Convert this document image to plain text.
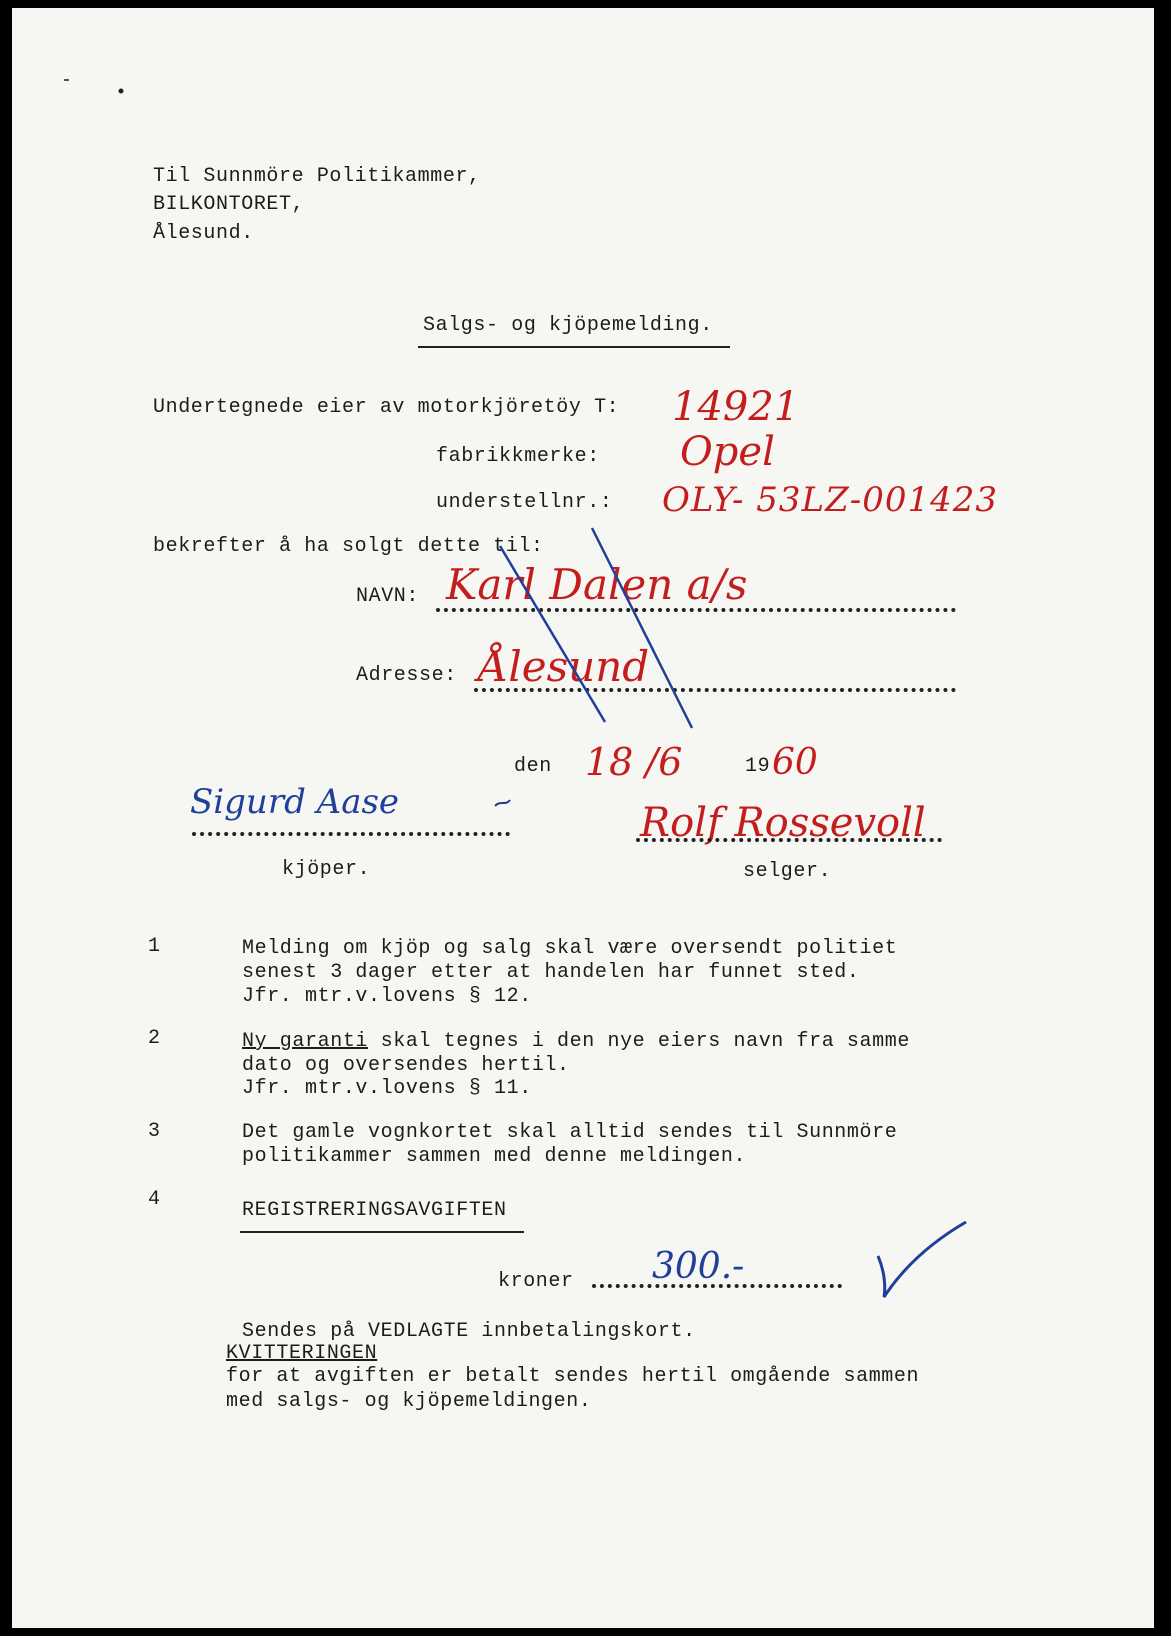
Til Sunnmöre Politikammer,
BILKONTORET,
Ålesund.
Salgs- og kjöpemelding.
Undertegnede eier av motorkjöretöy T: 14921
fabrikkmerke: Opel
understellnr.: OLY- 53LZ-001423
bekrefter å ha solgt dette til:
NAVN: Karl Dalen a/s
Adresse: Ålesund
den 18 /6	19 60
Sigurd Aase
kjöper.
Rolf Rossevoll
selger.
1	Melding om kjöp og salg skal være oversendt politiet
senest 3 dager etter at handelen har funnet sted.
Jfr. mtr.v.lovens § 12.
2	Ny garanti skal tegnes i den nye eiers navn fra samme
dato og oversendes hertil.
Jfr. mtr.v.lovens § 11.
3	Det gamle vognkortet skal alltid sendes til Sunnmöre
politikammer sammen med denne meldingen.
4	REGISTRERINGSAVGIFTEN
kroner 300.-
Sendes på VEDLAGTE innbetalingskort.
KVITTERINGEN
for at avgiften er betalt sendes hertil omgående sammen
med salgs- og kjöpemeldingen.
